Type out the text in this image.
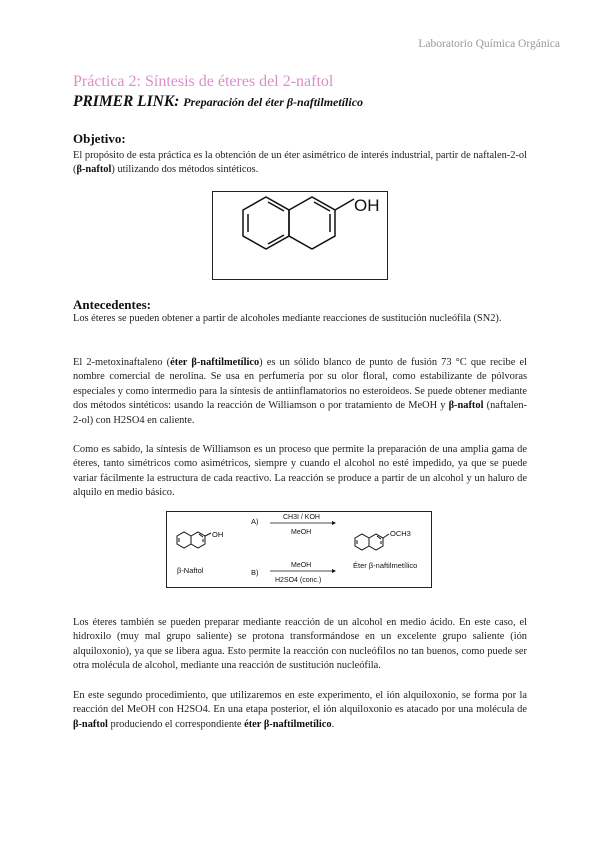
Laboratorio Química Orgánica
Práctica 2: Síntesis de éteres del 2-naftol
PRIMER LINK: Preparación del éter β-naftilmetílico
Objetivo:
El propósito de esta práctica es la obtención de un éter asimétrico de interés industrial, partir de naftalen-2-ol (β-naftol) utilizando dos métodos sintéticos.
OH
Antecedentes:
Los éteres se pueden obtener a partir de alcoholes mediante reacciones de sustitución nucleófila (SN2).
El 2-metoxinaftaleno (éter β-naftilmetílico) es un sólido blanco de punto de fusión 73 °C que recibe el nombre comercial de nerolina. Se usa en perfumería por su olor floral, como estabilizante de pólvoras especiales y como intermedio para la síntesis de antiinflamatorios no esteroideos. Se puede obtener mediante dos métodos sintéticos: usando la reacción de Williamson o por tratamiento de MeOH y β-naftol (naftalen-2-ol) con H2SO4 en caliente.
Como es sabido, la síntesis de Williamson es un proceso que permite la preparación de una amplia gama de éteres, tanto simétricos como asimétricos, siempre y cuando el alcohol no esté impedido, ya que se puede variar fácilmente la estructura de cada reactivo. La reacción se produce a partir de un alcohol y un haluro de alquilo en medio básico.
OH
β-Naftol
A)	CH3I / KOH
MeOH
B)
MeOH
H2SO4 (conc.)
OCH3
Éter β-naftilmetílico
Los éteres también se pueden preparar mediante reacción de un alcohol en medio ácido. En este caso, el hidroxilo (muy mal grupo saliente) se protona transformándose en un excelente grupo saliente (ión alquiloxonio), ya que se libera agua. Esto permite la reacción con nucleófilos no tan buenos, como puede ser otra molécula de alcohol, mediante una reacción de sustitución nucleófila.
En este segundo procedimiento, que utilizaremos en este experimento, el ión alquiloxonio, se forma por la reacción del MeOH con H2SO4. En una etapa posterior, el ión alquiloxonio es atacado por una molécula de β-naftol produciendo el correspondiente éter β-naftilmetílico.
